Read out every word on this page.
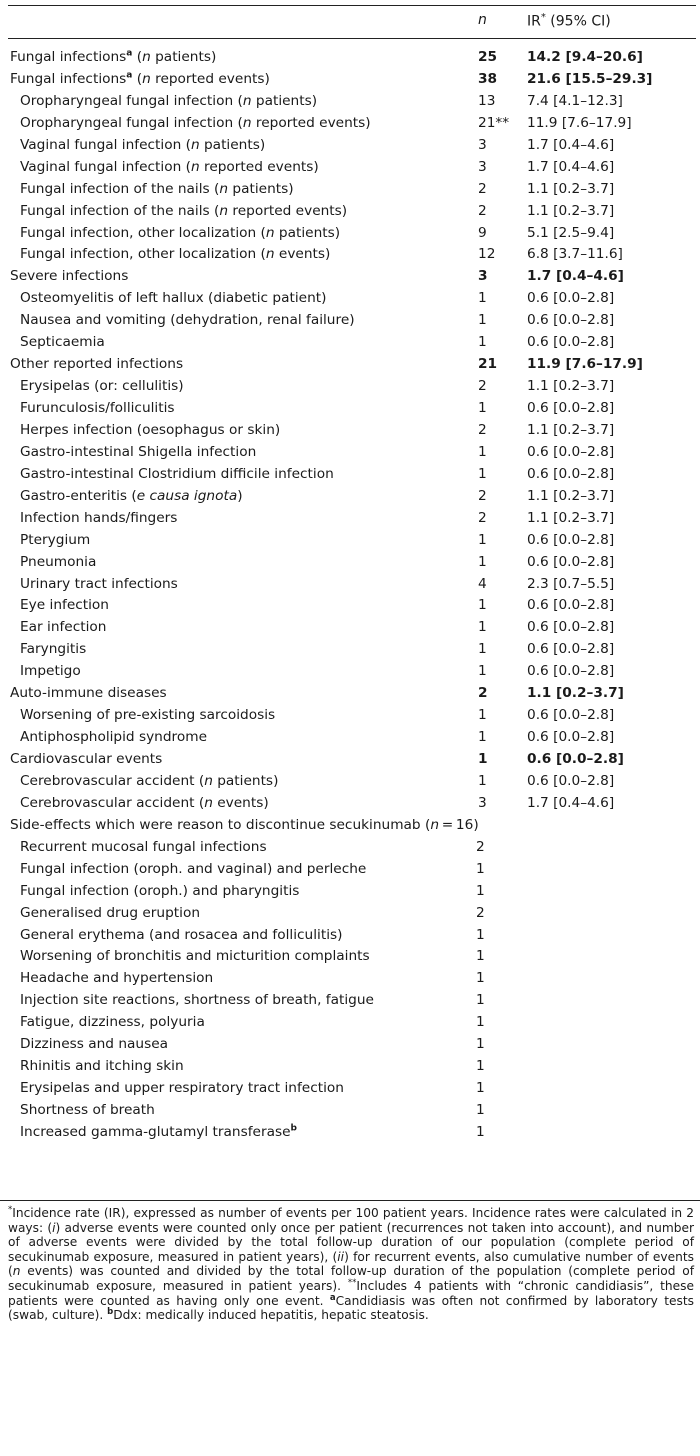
n	IR* (95% CI)
Fungal infections$^a$ (n patients)	25 14.2 [9.4–20.6]
Fungal infections$^a$ (n reported events)	38 21.6 [15.5–29.3]
Oropharyngeal fungal infection (n patients)	13 7.4 [4.1–12.3]
Oropharyngeal fungal infection (n reported events)	21** 11.9 [7.6–17.9]
Vaginal fungal infection (n patients)	3	1.7 [0.4–4.6]
Vaginal fungal infection (n reported events)	3	1.7 [0.4–4.6]
Fungal infection of the nails (n patients)	2	1.1 [0.2–3.7]
Fungal infection of the nails (n reported events)	2	1.1 [0.2–3.7]
Fungal infection, other localization (n patients)	9	5.1 [2.5–9.4]
Fungal infection, other localization (n events)	12 6.8 [3.7–11.6]
Severe infections	3	1.7 [0.4–4.6]
Osteomyelitis of left hallux (diabetic patient)	1	0.6 [0.0–2.8]
Nausea and vomiting (dehydration, renal failure)	1	0.6 [0.0–2.8]
Septicaemia	1	0.6 [0.0–2.8]
Other reported infections	21 11.9 [7.6–17.9]
Erysipelas (or: cellulitis)	2	1.1 [0.2–3.7]
Furunculosis/folliculitis	1	0.6 [0.0–2.8]
Herpes infection (oesophagus or skin)	2	1.1 [0.2–3.7]
Gastro-intestinal Shigella infection	1	0.6 [0.0–2.8]
Gastro-intestinal Clostridium difficile infection	1	0.6 [0.0–2.8]
Gastro-enteritis (e causa ignota)	2	1.1 [0.2–3.7]
Infection hands/fingers	2	1.1 [0.2–3.7]
Pterygium	1	0.6 [0.0–2.8]
Pneumonia	1	0.6 [0.0–2.8]
Urinary tract infections	4	2.3 [0.7–5.5]
Eye infection	1	0.6 [0.0–2.8]
Ear infection	1	0.6 [0.0–2.8]
Faryngitis	1	0.6 [0.0–2.8]
Impetigo	1	0.6 [0.0–2.8]
Auto-immune diseases	2	1.1 [0.2–3.7]
Worsening of pre-existing sarcoidosis	1	0.6 [0.0–2.8]
Antiphospholipid syndrome	1	0.6 [0.0–2.8]
Cardiovascular events	1	0.6 [0.0–2.8]
Cerebrovascular accident (n patients)	1	0.6 [0.0–2.8]
Cerebrovascular accident (n events)	3	1.7 [0.4–4.6]
Side-effects which were reason to discontinue secukinumab (n = 16)
Recurrent mucosal fungal infections	2
Fungal infection (oroph. and vaginal) and perleche	1
Fungal infection (oroph.) and pharyngitis	1
Generalised drug eruption	2
General erythema (and rosacea and folliculitis)	1
Worsening of bronchitis and micturition complaints	1
Headache and hypertension	1
Injection site reactions, shortness of breath, fatigue	1
Fatigue, dizziness, polyuria	1
Dizziness and nausea	1
Rhinitis and itching skin	1
Erysipelas and upper respiratory tract infection	1
Shortness of breath	1
Increased gamma-glutamyl transferase$^b$	1

*Incidence rate (IR), expressed as number of events per 100 patient years. Incidence rates were calculated in 2 ways: (i) adverse events were counted only once per patient (recurrences not taken into account), and number of adverse events were divided by the total follow-up duration of our population (complete period of secukinumab exposure, measured in patient years), (ii) for recurrent events, also cumulative number of events (n events) was counted and divided by the total follow-up duration of the population (complete period of secukinumab exposure, measured in patient years). **Includes 4 patients with “chronic candidiasis”, these patients were counted as having only one event. $^a$Candidiasis was often not confirmed by laboratory tests (swab, culture). $^b$Ddx: medically induced hepatitis, hepatic steatosis.
